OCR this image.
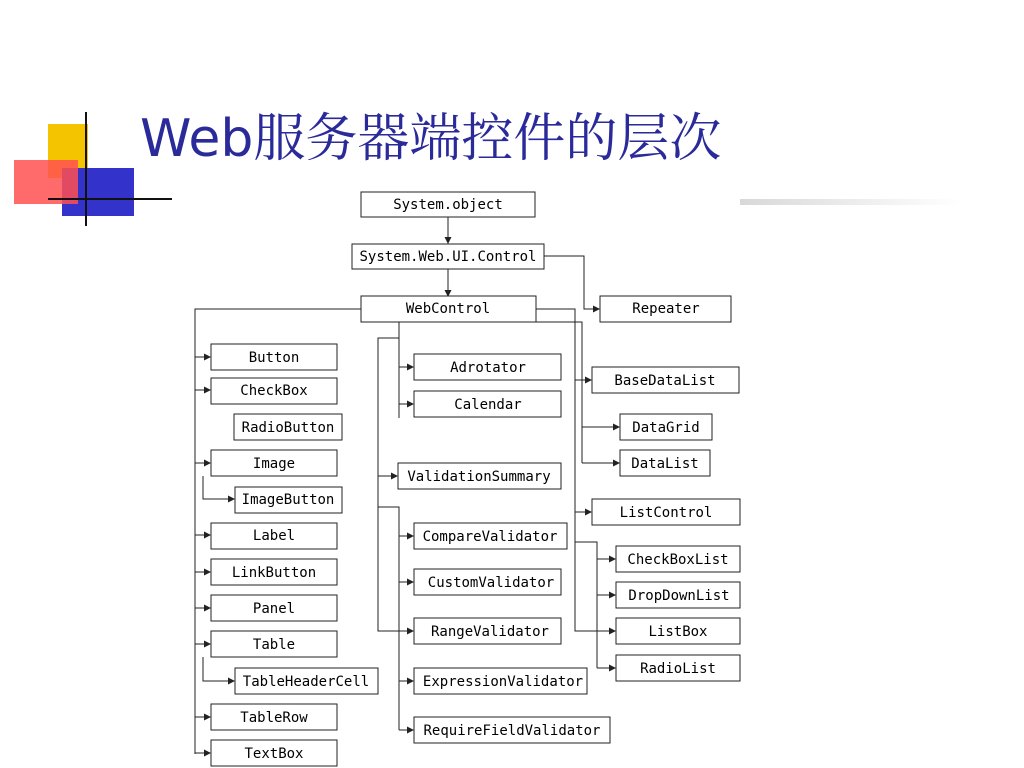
Web服务器端控件的层次
System.object
System.Web.UI.Control
WebControl	Repeater
Button
CheckBox
RadioButton
Image
ImageButton
Label
LinkButton
Panel
Table
TableHeaderCell
TableRow
TextBox
Adrotator
Calendar
ValidationSummary
CompareValidator
CustomValidator
RangeValidator
ExpressionValidator
RequireFieldValidator
BaseDataList
DataGrid
DataList
ListControl
CheckBoxList
DropDownList
ListBox
RadioList
